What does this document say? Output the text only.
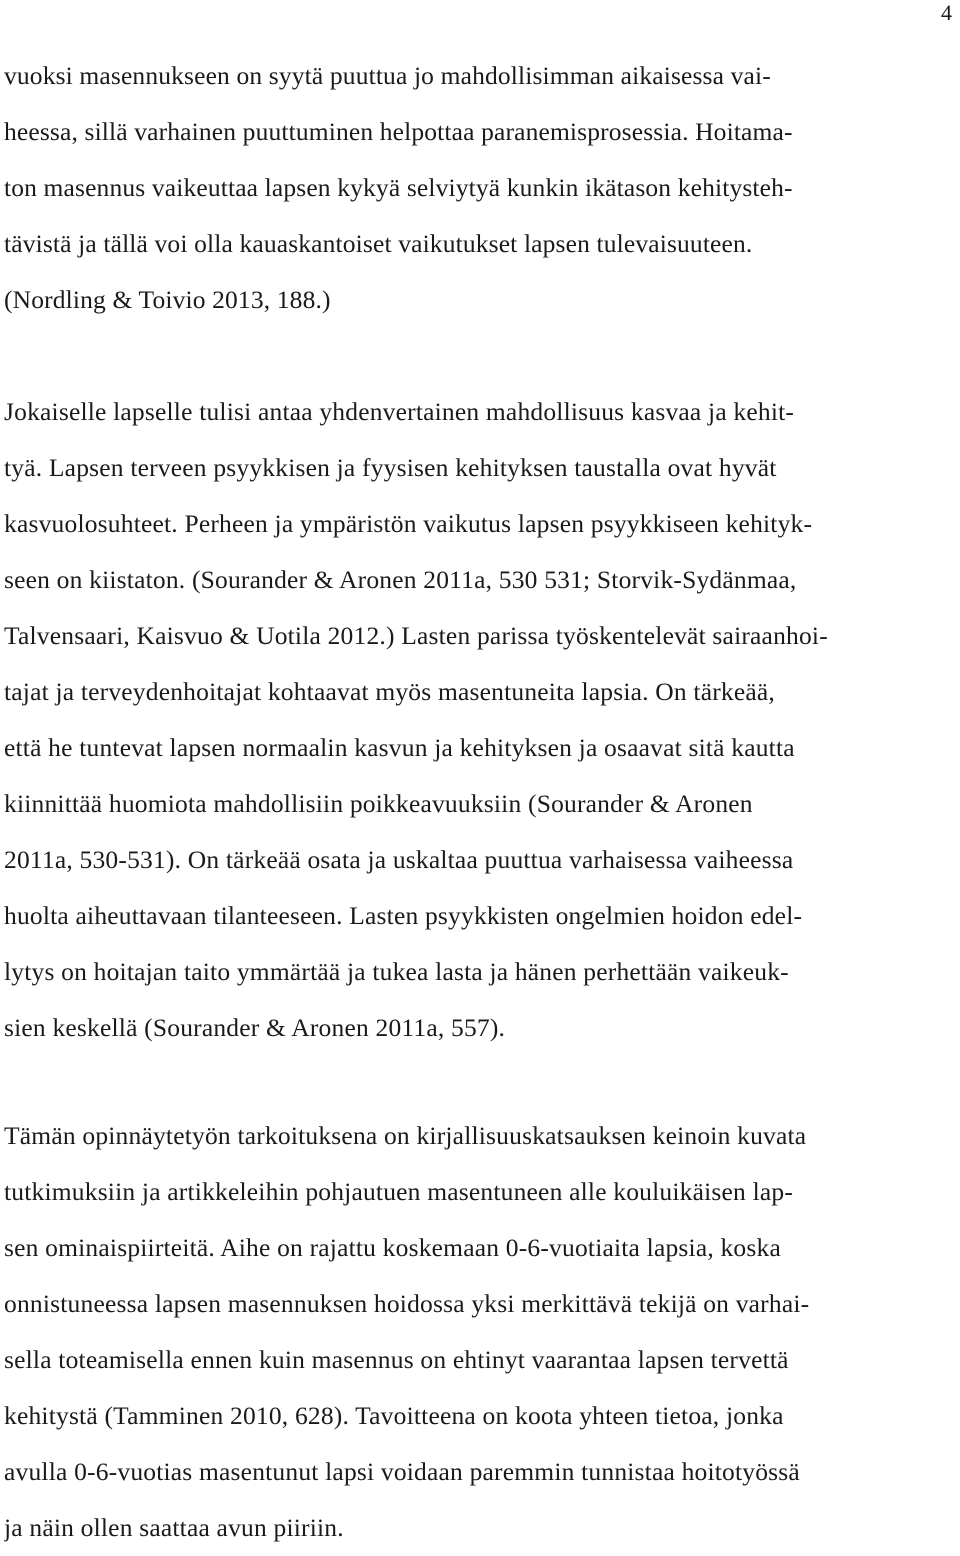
4
vuoksi masennukseen on syytä puuttua jo mahdollisimman aikaisessa vai-
heessa, sillä varhainen puuttuminen helpottaa paranemisprosessia. Hoitama-
ton masennus vaikeuttaa lapsen kykyä selviytyä kunkin ikätason kehitysteh-
tävistä ja tällä voi olla kauaskantoiset vaikutukset lapsen tulevaisuuteen.
(Nordling & Toivio 2013, 188.)
Jokaiselle lapselle tulisi antaa yhdenvertainen mahdollisuus kasvaa ja kehit-
tyä. Lapsen terveen psyykkisen ja fyysisen kehityksen taustalla ovat hyvät
kasvuolosuhteet. Perheen ja ympäristön vaikutus lapsen psyykkiseen kehityk-
seen on kiistaton. (Sourander & Aronen 2011a, 530 531; Storvik-Sydänmaa,
Talvensaari, Kaisvuo & Uotila 2012.) Lasten parissa työskentelevät sairaanhoi-
tajat ja terveydenhoitajat kohtaavat myös masentuneita lapsia. On tärkeää,
että he tuntevat lapsen normaalin kasvun ja kehityksen ja osaavat sitä kautta
kiinnittää huomiota mahdollisiin poikkeavuuksiin (Sourander & Aronen
2011a, 530-531). On tärkeää osata ja uskaltaa puuttua varhaisessa vaiheessa
huolta aiheuttavaan tilanteeseen. Lasten psyykkisten ongelmien hoidon edel-
lytys on hoitajan taito ymmärtää ja tukea lasta ja hänen perhettään vaikeuk-
sien keskellä (Sourander & Aronen 2011a, 557).
Tämän opinnäytetyön tarkoituksena on kirjallisuuskatsauksen keinoin kuvata
tutkimuksiin ja artikkeleihin pohjautuen masentuneen alle kouluikäisen lap-
sen ominaispiirteitä. Aihe on rajattu koskemaan 0-6-vuotiaita lapsia, koska
onnistuneessa lapsen masennuksen hoidossa yksi merkittävä tekijä on varhai-
sella toteamisella ennen kuin masennus on ehtinyt vaarantaa lapsen tervettä
kehitystä (Tamminen 2010, 628). Tavoitteena on koota yhteen tietoa, jonka
avulla 0-6-vuotias masentunut lapsi voidaan paremmin tunnistaa hoitotyössä
ja näin ollen saattaa avun piiriin.
